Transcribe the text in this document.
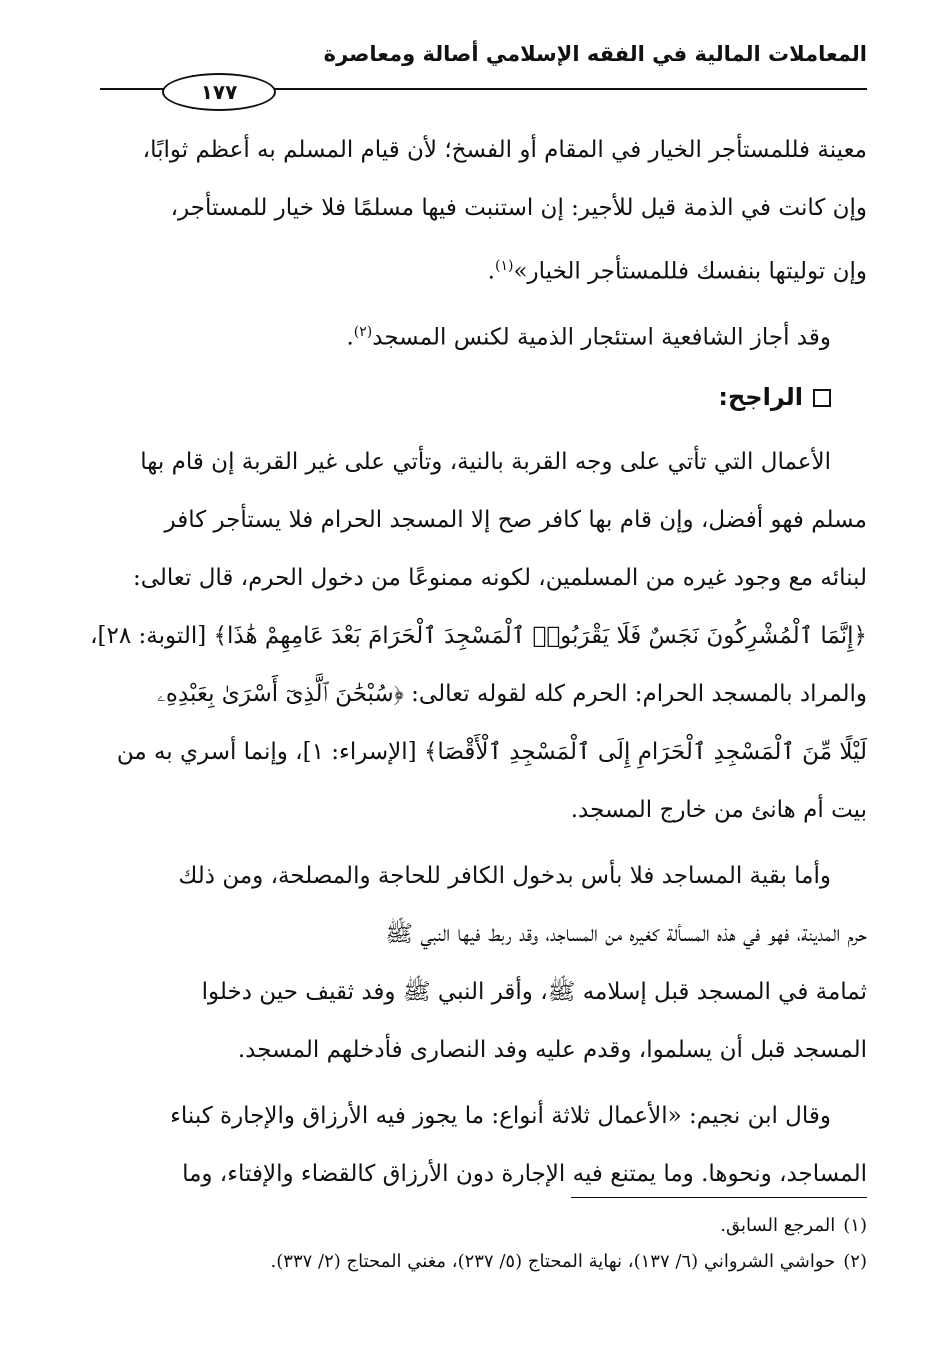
المعاملات المالية في الفقه الإسلامي أصالة ومعاصرة
١٧٧

معينة فللمستأجر الخيار في المقام أو الفسخ؛ لأن قيام المسلم به أعظم ثوابًا،
وإن كانت في الذمة قيل للأجير: إن استنبت فيها مسلمًا فلا خيار للمستأجر،
وإن توليتها بنفسك فللمستأجر الخيار»$^{(١)}$.

وقد أجاز الشافعية استئجار الذمية لكنس المسجد$^{(٢)}$.

الراجح:

الأعمال التي تأتي على وجه القربة بالنية، وتأتي على غير القربة إن قام بها
مسلم فهو أفضل، وإن قام بها كافر صح إلا المسجد الحرام فلا يستأجر كافر
لبنائه مع وجود غيره من المسلمين، لكونه ممنوعًا من دخول الحرم، قال تعالى:
﴿إِنَّمَا ٱلْمُشْرِكُونَ نَجَسٌ فَلَا يَقْرَبُوا۟ ٱلْمَسْجِدَ ٱلْحَرَامَ بَعْدَ عَامِهِمْ هَٰذَا﴾ [التوبة: ٢٨]،
والمراد بالمسجد الحرام: الحرم كله لقوله تعالى: ﴿سُبْحَٰنَ ٱلَّذِىٓ أَسْرَىٰ بِعَبْدِهِۦ
لَيْلًا مِّنَ ٱلْمَسْجِدِ ٱلْحَرَامِ إِلَى ٱلْمَسْجِدِ ٱلْأَقْصَا﴾ [الإسراء: ١]، وإنما أسري به من
بيت أم هانئ من خارج المسجد.

وأما بقية المساجد فلا بأس بدخول الكافر للحاجة والمصلحة، ومن ذلك
حرم المدينة، فهو في هذه المسألة كغيره من المساجد، وقد ربط فيها النبي ﷺ
ثمامة في المسجد قبل إسلامه ﷺ، وأقر النبي ﷺ وفد ثقيف حين دخلوا
المسجد قبل أن يسلموا، وقدم عليه وفد النصارى فأدخلهم المسجد.

وقال ابن نجيم: «الأعمال ثلاثة أنواع: ما يجوز فيه الأرزاق والإجارة كبناء
المساجد، ونحوها. وما يمتنع فيه الإجارة دون الأرزاق كالقضاء والإفتاء، وما

(١)المرجع السابق.
(٢)حواشي الشرواني (٦/ ١٣٧)، نهاية المحتاج (٥/ ٢٣٧)، مغني المحتاج (٢/ ٣٣٧).
